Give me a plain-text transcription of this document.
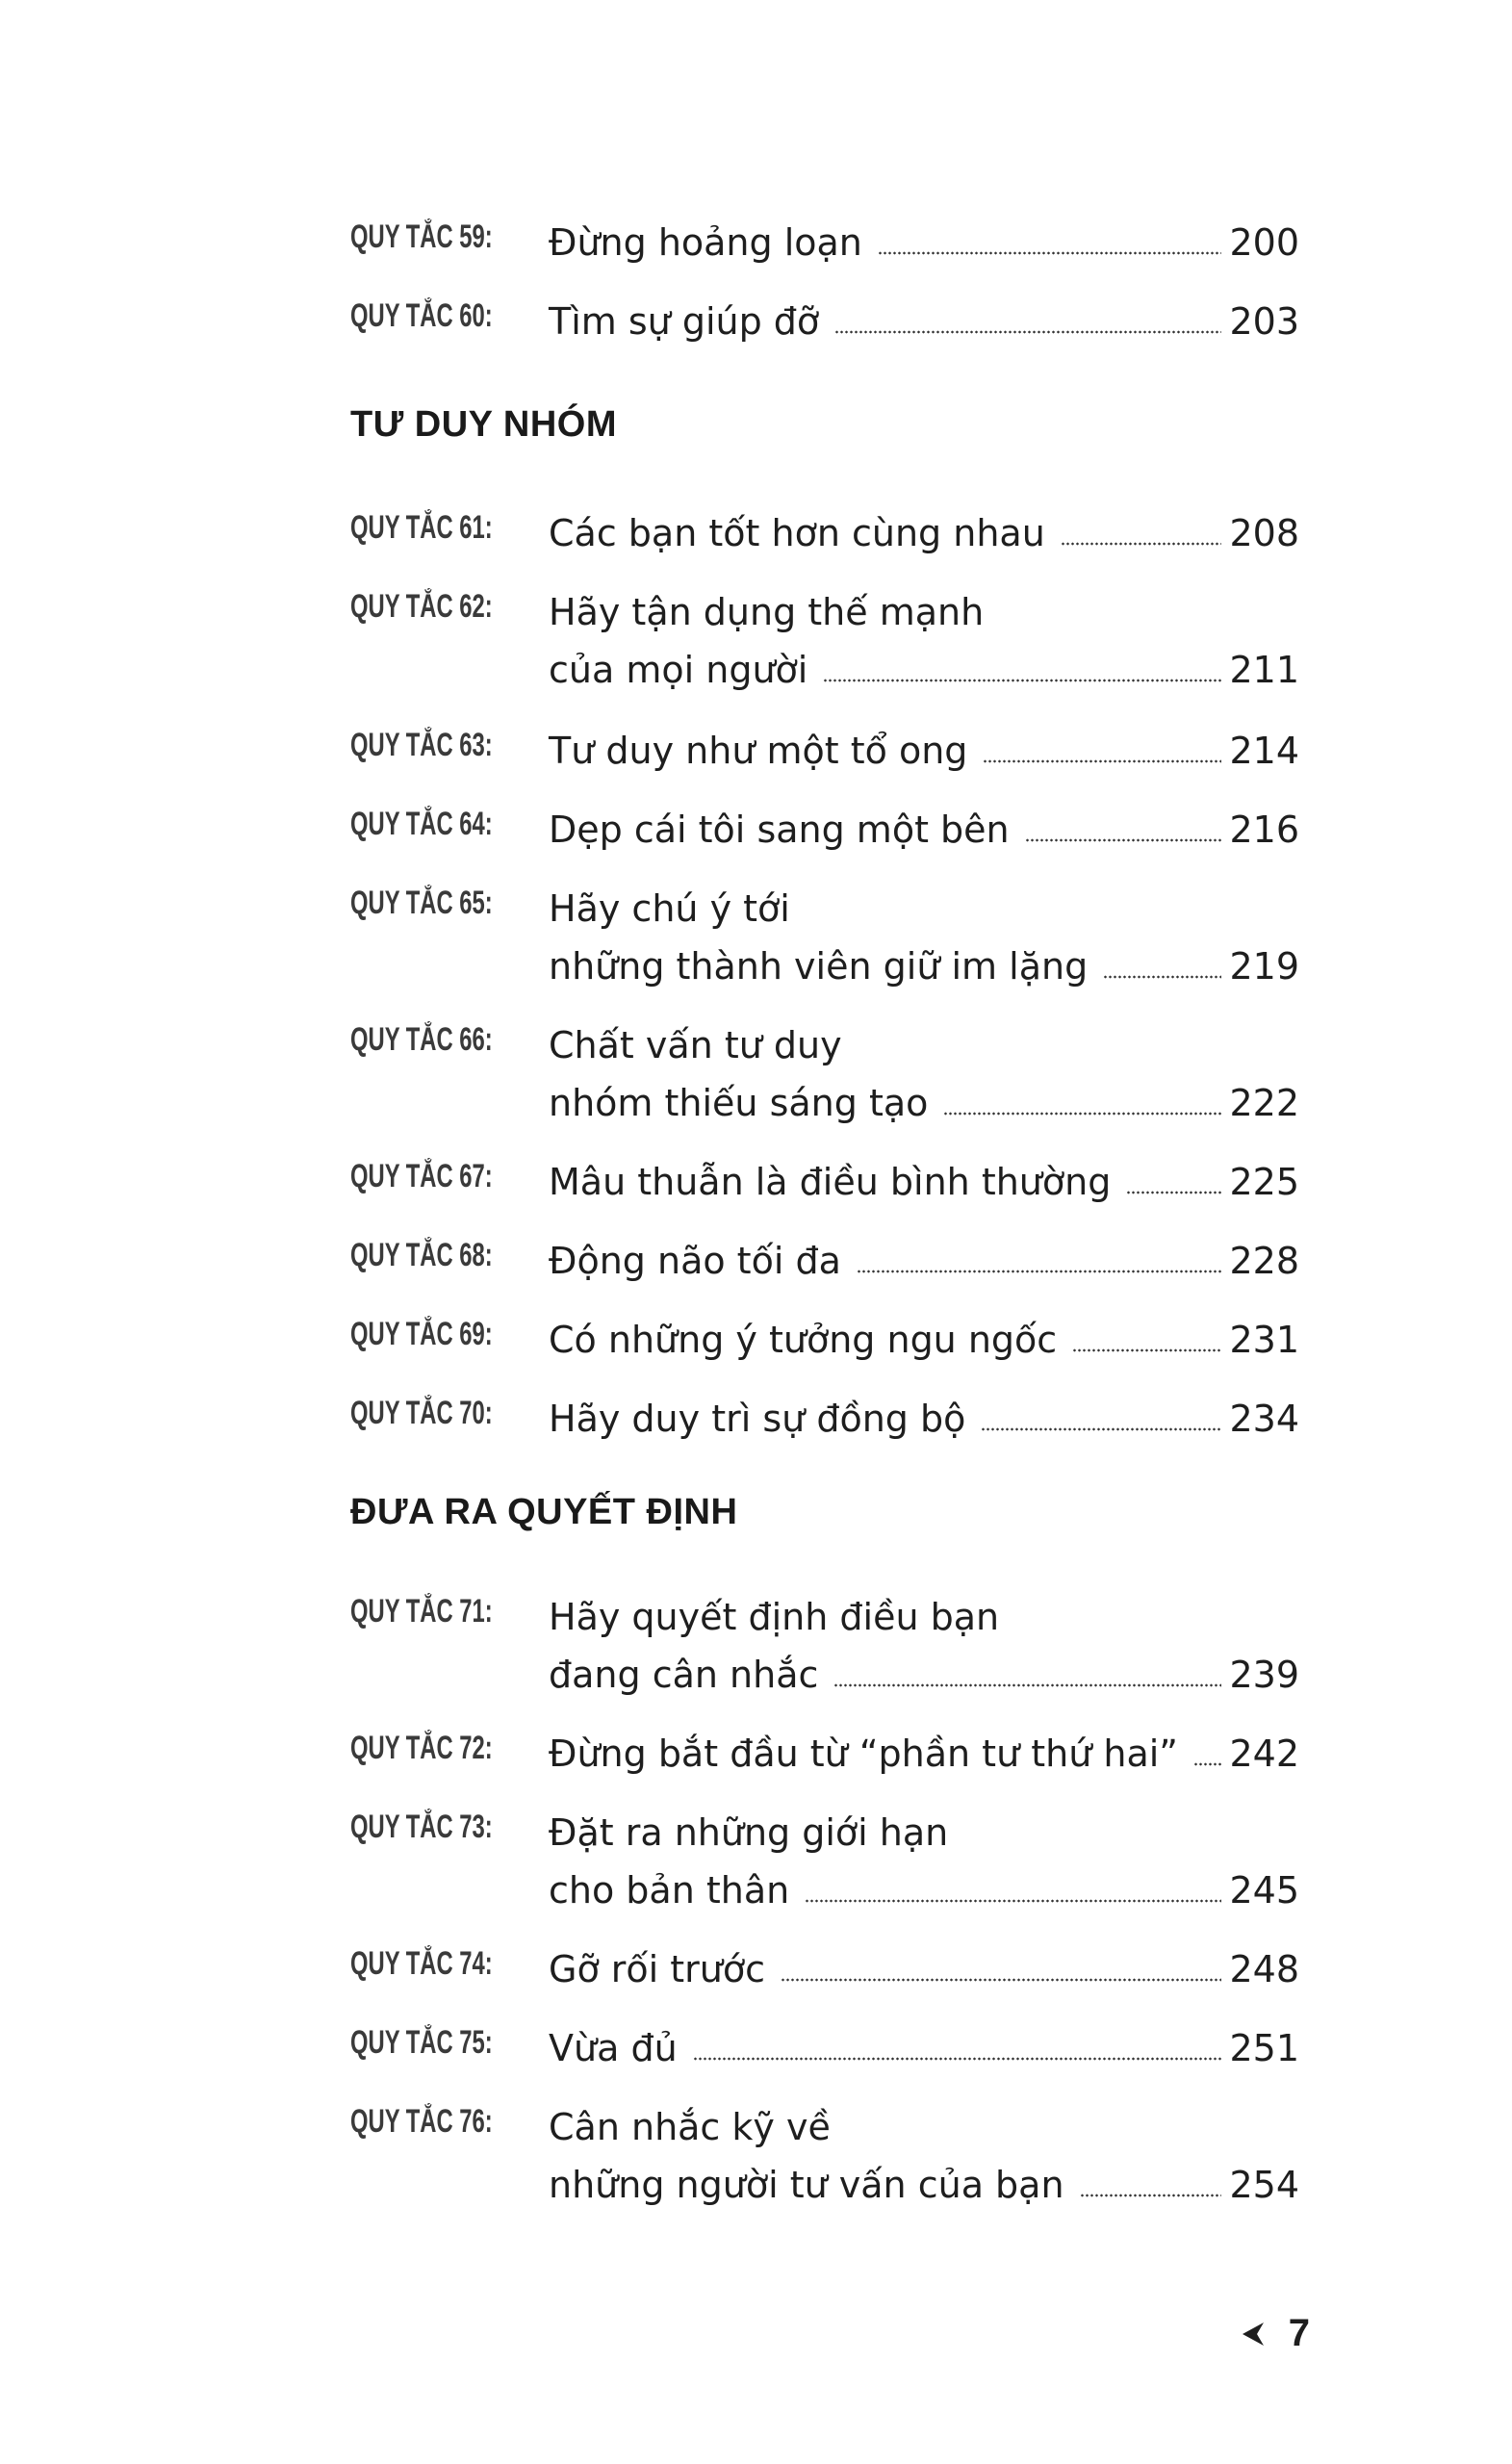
QUY TẮC 59: Đừng hoảng loạn	200
QUY TẮC 60: Tìm sự giúp đỡ	203
TƯ DUY NHÓM
QUY TẮC 61: Các bạn tốt hơn cùng nhau	208
QUY TẮC 62: Hãy tận dụng thế mạnh
của mọi người	211
QUY TẮC 63: Tư duy như một tổ ong	214
QUY TẮC 64: Dẹp cái tôi sang một bên	216
QUY TẮC 65: Hãy chú ý tới
những thành viên giữ im lặng	219
QUY TẮC 66: Chất vấn tư duy
nhóm thiếu sáng tạo	222
QUY TẮC 67: Mâu thuẫn là điều bình thường	225
QUY TẮC 68: Động não tối đa	228
QUY TẮC 69: Có những ý tưởng ngu ngốc	231
QUY TẮC 70: Hãy duy trì sự đồng bộ	234
ĐƯA RA QUYẾT ĐỊNH
QUY TẮC 71: Hãy quyết định điều bạn
đang cân nhắc	239
QUY TẮC 72: Đừng bắt đầu từ “phần tư thứ hai” 242
QUY TẮC 73: Đặt ra những giới hạn
cho bản thân	245
QUY TẮC 74: Gỡ rối trước	248
QUY TẮC 75: Vừa đủ	251
QUY TẮC 76: Cân nhắc kỹ về
những người tư vấn của bạn	254
7
